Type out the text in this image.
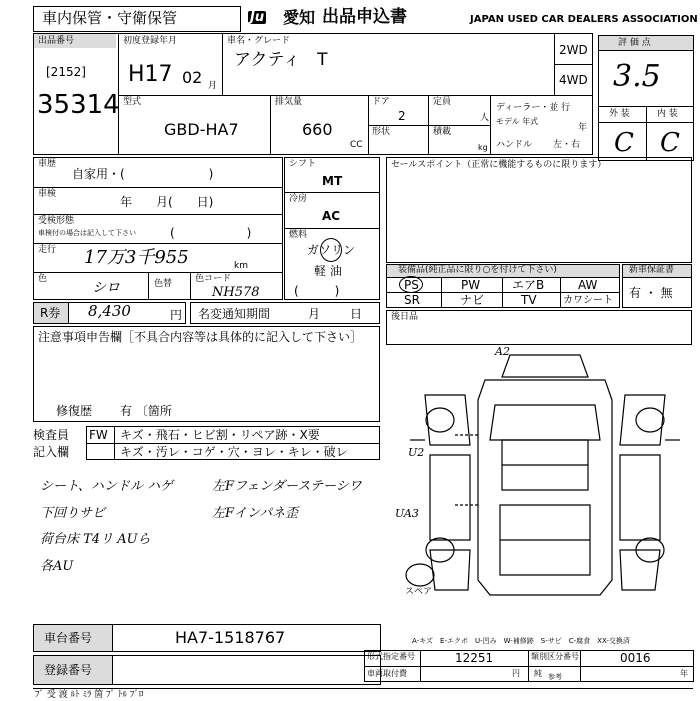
車内保管・守衛保管	Ju 愛知 出品申込書	JAPAN USED CAR DEALERS ASSOCIATION
出品番号
[2152]
35314
初度登録年月
H17 02 月
車名・グレード
アクティ　T	2WD
4WD
型式
GBD-HA7
排気量
660
CC
ドア
2
形状
定員
人
積載
kg
ディーラー・並 行
モデル 年式
年
ハンドル 左・右
評 価 点
3.5
外 装	内 装
C C
車歴
自家用・(　　　　　　　)
車検
年　　月(　　日)
受検形態
車検付の場合は記入して下さい	(　　　　　　)
走行 17万3千955	km
色
シロ	色替	色コード
NH578
シフト
MT
冷房
AC
燃料
ガソリン
軽 油
(　　　)
セールスポイント（正常に機能するものに限ります）
装備品(純正品に限り○を付けて下さい)
PS	PW	エアB	AW
SR	ナビ	TV	カワシート
新車保証書
有 ・ 無
R券 8,430	円 名変通知期間	月 日	後日品
注意事項申告欄［不具合内容等は具体的に記入して下さい］
修復歴 有 〔箇所
検査員
記入欄
FW キズ・飛石・ヒビ割・リペア跡・X要
キズ・汚レ・コゲ・穴・ヨレ・キレ・破レ
シート、ハンドル ハゲ	左Fフェンダーステーシワ
下回りサビ	左Fインパネ歪
荷台床 T4リ AUら
各AU
A2
U2
UA3
スペア
A-キズ　E-エクボ　U-凹み　W-補修跡　S-サビ　C-腐食　XX-交換済
車台番号	HA7-1518767
登録番号
形式指定番号	12251	類別区分番号	0016
車両取付費	円 純 参考	年
ﾌﾞ 受 渡 ﾙﾄ ﾐﾗ 箇 ﾌﾟ ﾄﾙ ﾌﾞﾛ
